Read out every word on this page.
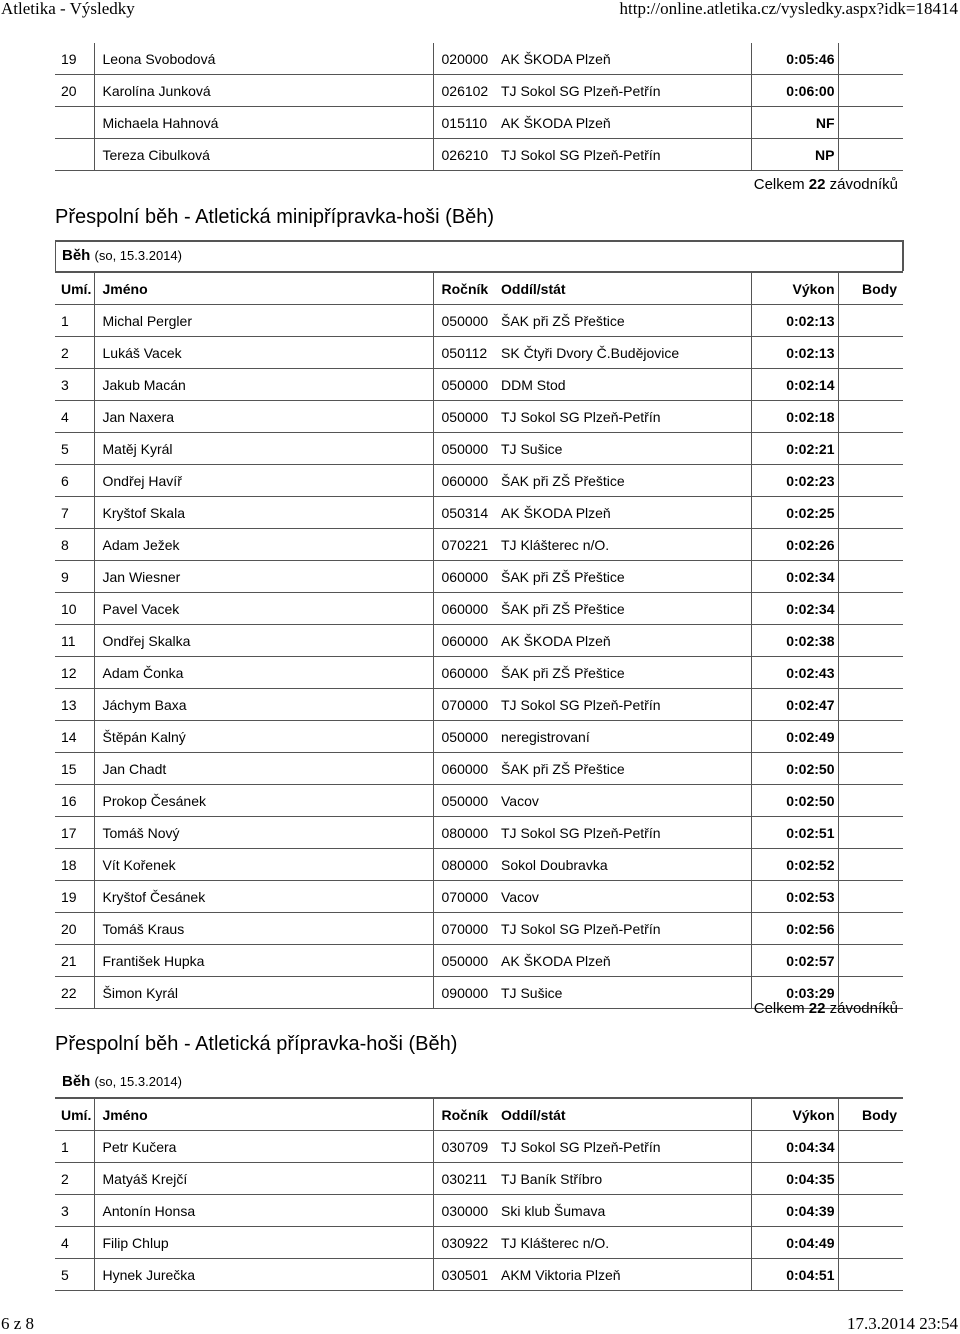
Atletika - Výsledky	http://online.atletika.cz/vysledky.aspx?idk=18414
19	Leona Svobodová	020000	AK ŠKODA Plzeň	0:05:46	
20	Karolína Junková	026102	TJ Sokol SG Plzeň-Petřín	0:06:00	
	Michaela Hahnová	015110	AK ŠKODA Plzeň	NF	
	Tereza Cibulková	026210	TJ Sokol SG Plzeň-Petřín	NP	
Celkem 22 závodníků
Přespolní běh - Atletická minipřípravka-hoši (Běh)
Běh (so, 15.3.2014)
Umí.	Jméno	Ročník	Oddíl/stát	Výkon	Body
1	Michal Pergler	050000	ŠAK při ZŠ Přeštice	0:02:13	
2	Lukáš Vacek	050112	SK Čtyři Dvory Č.Budějovice	0:02:13	
3	Jakub Macán	050000	DDM Stod	0:02:14	
4	Jan Naxera	050000	TJ Sokol SG Plzeň-Petřín	0:02:18	
5	Matěj Kyrál	050000	TJ Sušice	0:02:21	
6	Ondřej Havíř	060000	ŠAK při ZŠ Přeštice	0:02:23	
7	Kryštof Skala	050314	AK ŠKODA Plzeň	0:02:25	
8	Adam Ježek	070221	TJ Klášterec n/O.	0:02:26	
9	Jan Wiesner	060000	ŠAK při ZŠ Přeštice	0:02:34	
10	Pavel Vacek	060000	ŠAK při ZŠ Přeštice	0:02:34	
11	Ondřej Skalka	060000	AK ŠKODA Plzeň	0:02:38	
12	Adam Čonka	060000	ŠAK při ZŠ Přeštice	0:02:43	
13	Jáchym Baxa	070000	TJ Sokol SG Plzeň-Petřín	0:02:47	
14	Štěpán Kalný	050000	neregistrovaní	0:02:49	
15	Jan Chadt	060000	ŠAK při ZŠ Přeštice	0:02:50	
16	Prokop Česánek	050000	Vacov	0:02:50	
17	Tomáš Nový	080000	TJ Sokol SG Plzeň-Petřín	0:02:51	
18	Vít Kořenek	080000	Sokol Doubravka	0:02:52	
19	Kryštof Česánek	070000	Vacov	0:02:53	
20	Tomáš Kraus	070000	TJ Sokol SG Plzeň-Petřín	0:02:56	
21	František Hupka	050000	AK ŠKODA Plzeň	0:02:57	
22	Šimon Kyrál	090000	TJ Sušice	0:03:29	
Celkem 22 závodníků
Přespolní běh - Atletická přípravka-hoši (Běh)
Běh (so, 15.3.2014)
Umí.	Jméno	Ročník	Oddíl/stát	Výkon	Body
1	Petr Kučera	030709	TJ Sokol SG Plzeň-Petřín	0:04:34	
2	Matyáš Krejčí	030211	TJ Baník Stříbro	0:04:35	
3	Antonín Honsa	030000	Ski klub Šumava	0:04:39	
4	Filip Chlup	030922	TJ Klášterec n/O.	0:04:49	
5	Hynek Jurečka	030501	AKM Viktoria Plzeň	0:04:51	
6 z 8	17.3.2014 23:54
